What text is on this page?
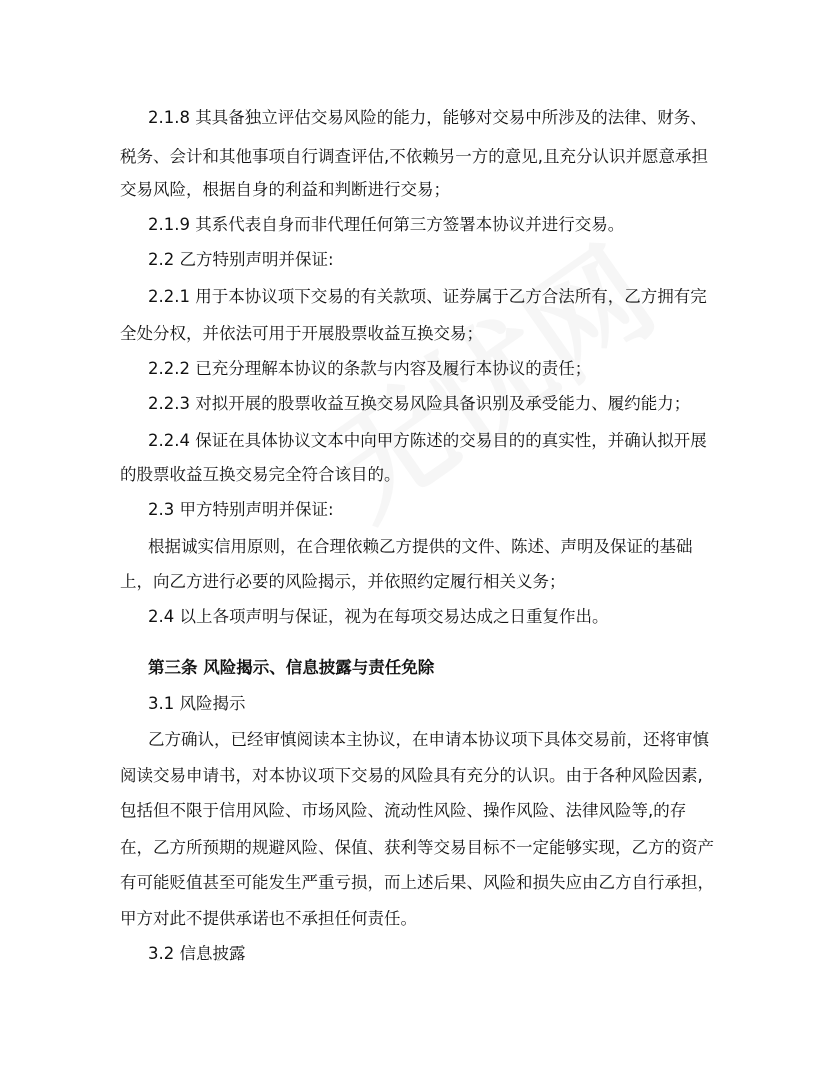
2.1.8 其具备独立评估交易风险的能力，能够对交易中所涉及的法律、财务、
税务、会计和其他事项自行调查评估,不依赖另一方的意见,且充分认识并愿意承担
交易风险，根据自身的利益和判断进行交易；
2.1.9 其系代表自身而非代理任何第三方签署本协议并进行交易。
2.2 乙方特别声明并保证:
2.2.1 用于本协议项下交易的有关款项、证券属于乙方合法所有，乙方拥有完
全处分权，并依法可用于开展股票收益互换交易；
2.2.2 已充分理解本协议的条款与内容及履行本协议的责任；
2.2.3 对拟开展的股票收益互换交易风险具备识别及承受能力、履约能力；
2.2.4 保证在具体协议文本中向甲方陈述的交易目的的真实性，并确认拟开展
的股票收益互换交易完全符合该目的。
2.3 甲方特别声明并保证:
根据诚实信用原则，在合理依赖乙方提供的文件、陈述、声明及保证的基础
上，向乙方进行必要的风险揭示，并依照约定履行相关义务；
2.4 以上各项声明与保证，视为在每项交易达成之日重复作出。
第三条 风险揭示、信息披露与责任免除
3.1 风险揭示
乙方确认，已经审慎阅读本主协议，在申请本协议项下具体交易前，还将审慎
阅读交易申请书，对本协议项下交易的风险具有充分的认识。由于各种风险因素,
包括但不限于信用风险、市场风险、流动性风险、操作风险、法律风险等,的存
在，乙方所预期的规避风险、保值、获利等交易目标不一定能够实现，乙方的资产
有可能贬值甚至可能发生严重亏损，而上述后果、风险和损失应由乙方自行承担，
甲方对此不提供承诺也不承担任何责任。
3.2 信息披露
